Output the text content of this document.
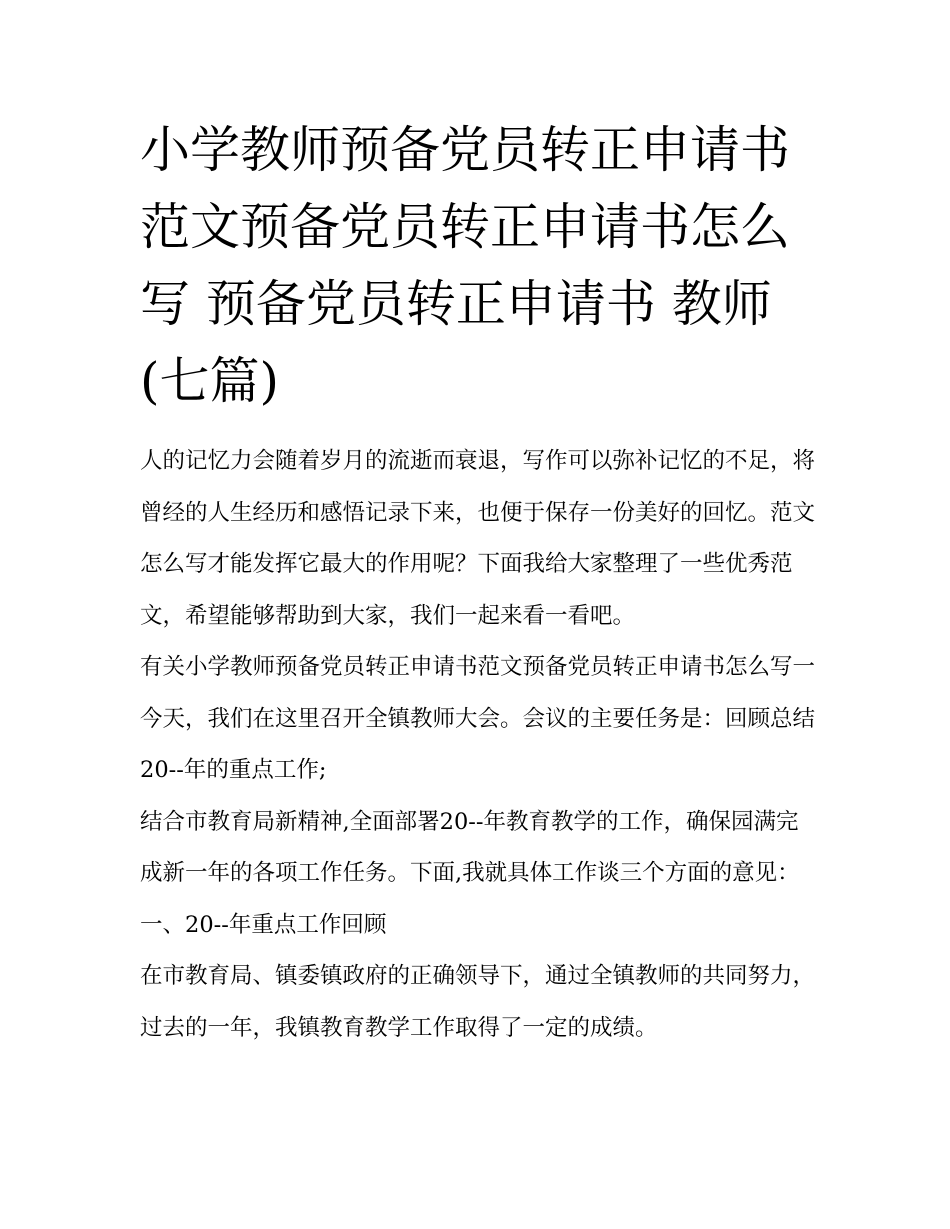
小学教师预备党员转正申请书范文预备党员转正申请书怎么写 预备党员转正申请书 教师(七篇)

人的记忆力会随着岁月的流逝而衰退，写作可以弥补记忆的不足，将曾经的人生经历和感悟记录下来，也便于保存一份美好的回忆。范文怎么写才能发挥它最大的作用呢？下面我给大家整理了一些优秀范文，希望能够帮助到大家，我们一起来看一看吧。

有关小学教师预备党员转正申请书范文预备党员转正申请书怎么写一 今天，我们在这里召开全镇教师大会。会议的主要任务是：回顾总结20--年的重点工作;

结合市教育局新精神,全面部署20--年教育教学的工作，确保园满完成新一年的各项工作任务。下面,我就具体工作谈三个方面的意见： 一、20--年重点工作回顾

在市教育局、镇委镇政府的正确领导下，通过全镇教师的共同努力，过去的一年，我镇教育教学工作取得了一定的成绩。
